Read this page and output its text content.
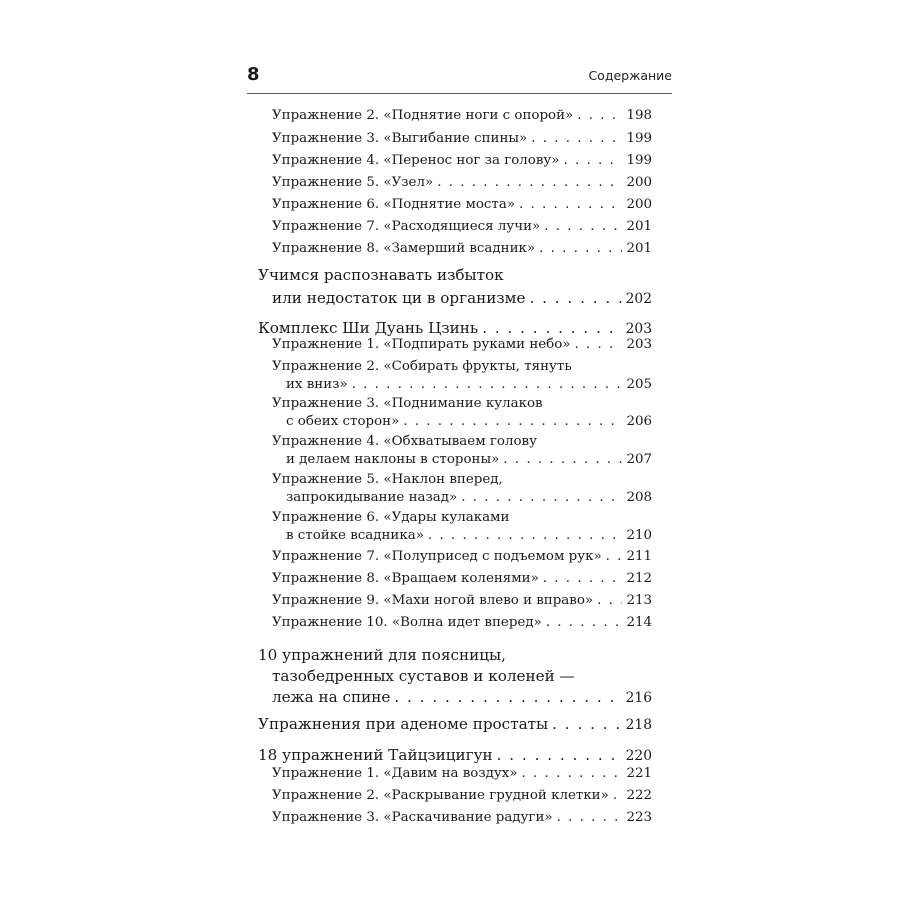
8	Содержание
Упражнение 2. «Поднятие ноги с опорой» . . .	198
Упражнение 3. «Выгибание спины» . . .	199
Упражнение 4. «Перенос ног за голову» . . .	199
Упражнение 5. «Узел» . . .	200
Упражнение 6. «Поднятие моста» . . .	200
Упражнение 7. «Расходящиеся лучи» . . .	201
Упражнение 8. «Замерший всадник» . . .	201
Учимся распознавать избыток
или недостаток ци в организме . . .	202
Комплекс Ши Дуань Цзинь . . .	203
Упражнение 1. «Подпирать руками небо» . . .	203
Упражнение 2. «Собирать фрукты, тянуть
их вниз» . . .	205
Упражнение 3. «Поднимание кулаков
с обеих сторон» . . .	206
Упражнение 4. «Обхватываем голову
и делаем наклоны в стороны» . . .	207
Упражнение 5. «Наклон вперед,
запрокидывание назад» . . .	208
Упражнение 6. «Удары кулаками
в стойке всадника» . . .	210
Упражнение 7. «Полуприсед с подъемом рук» . . . 211
Упражнение 8. «Вращаем коленями» . . .	212
Упражнение 9. «Махи ногой влево и вправо» . . . 213
Упражнение 10. «Волна идет вперед» . . .	214
10 упражнений для поясницы,
тазобедренных суставов и коленей —
лежа на спине . . .	216
Упражнения при аденоме простаты . . .	218
18 упражнений Тайцзицигун . . .	220
Упражнение 1. «Давим на воздух» . . .	221
Упражнение 2. «Раскрывание грудной клетки» . . . 222
Упражнение 3. «Раскачивание радуги» . . .	223
